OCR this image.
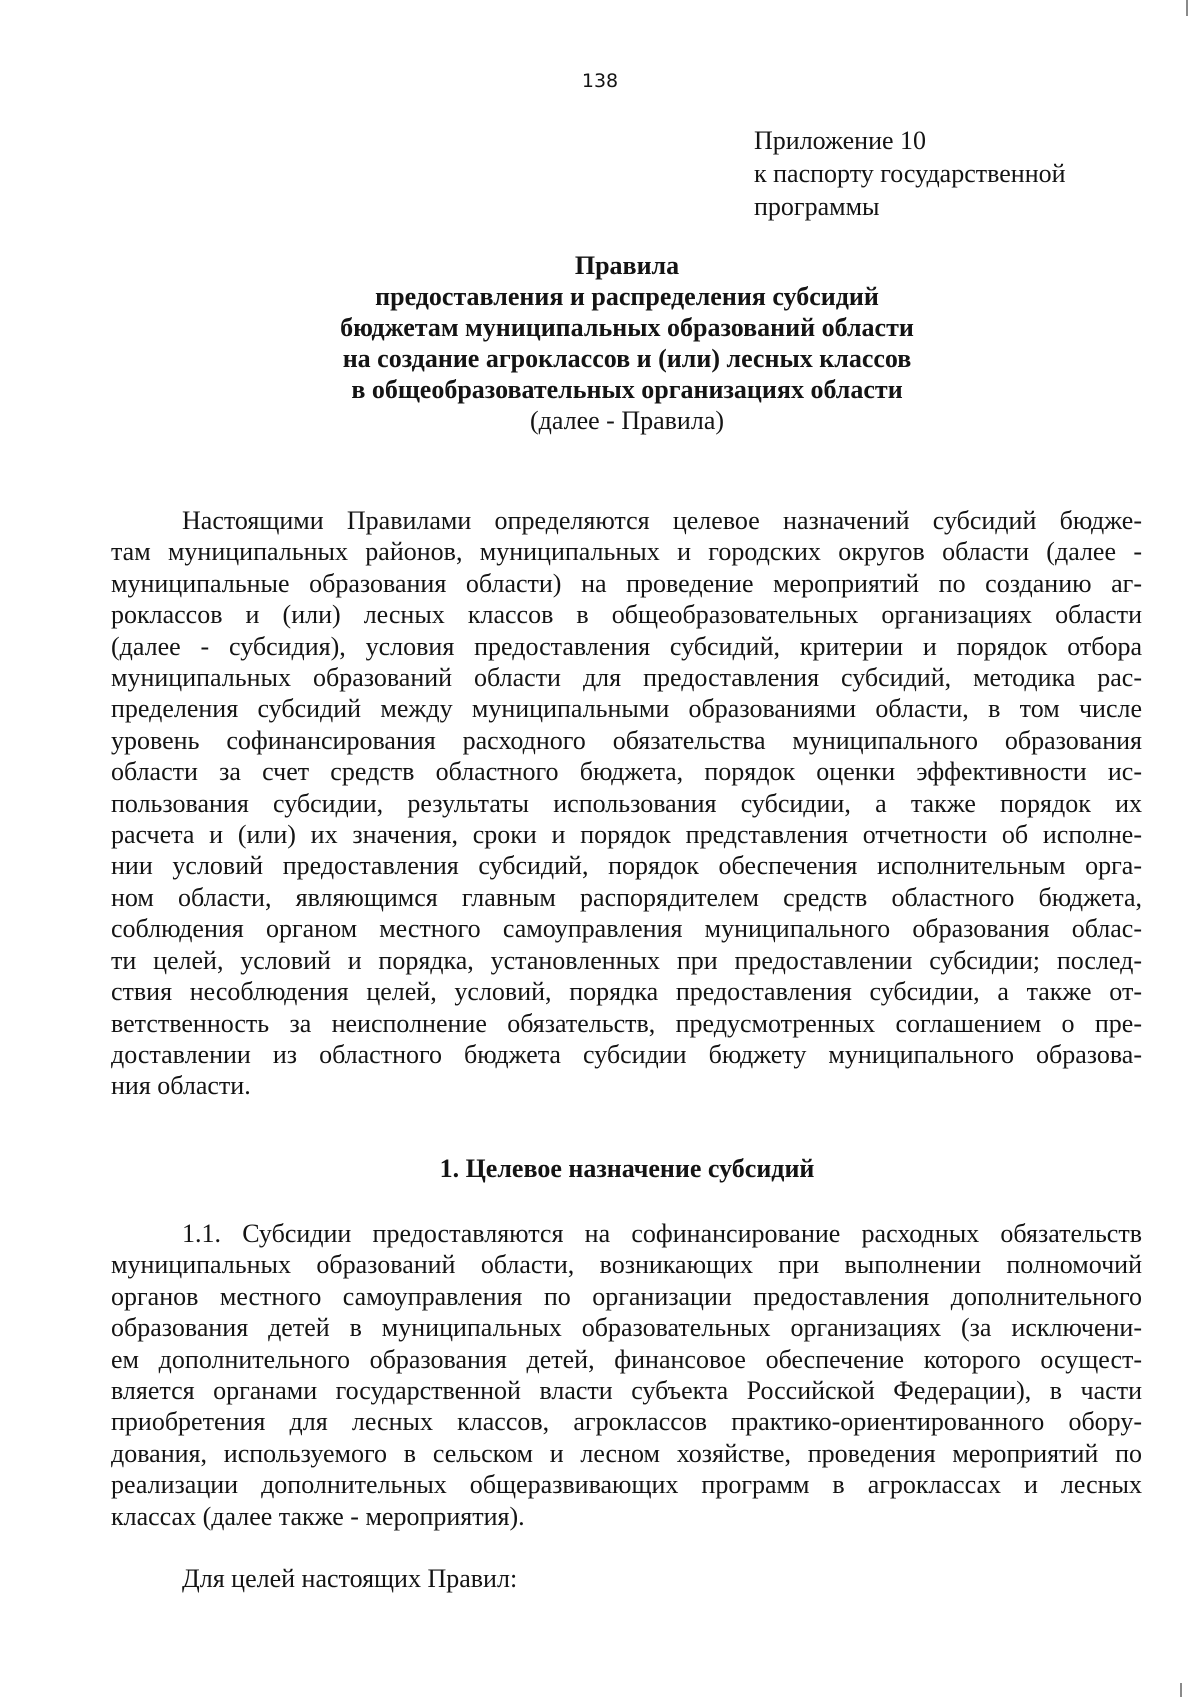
138
Приложение 10
к паспорту государственной
программы
Правила
предоставления и распределения субсидий
бюджетам муниципальных образований области
на создание агроклассов и (или) лесных классов
в общеобразовательных организациях области
(далее - Правила)
Настоящими Правилами определяются целевое назначений субсидий бюдже-
там муниципальных районов, муниципальных и городских округов области (далее -
муниципальные образования области) на проведение мероприятий по созданию аг-
роклассов и (или) лесных классов в общеобразовательных организациях области
(далее - субсидия), условия предоставления субсидий, критерии и порядок отбора
муниципальных образований области для предоставления субсидий, методика рас-
пределения субсидий между муниципальными образованиями области, в том числе
уровень софинансирования расходного обязательства муниципального образования
области за счет средств областного бюджета, порядок оценки эффективности ис-
пользования субсидии, результаты использования субсидии, а также порядок их
расчета и (или) их значения, сроки и порядок представления отчетности об исполне-
нии условий предоставления субсидий, порядок обеспечения исполнительным орга-
ном области, являющимся главным распорядителем средств областного бюджета,
соблюдения органом местного самоуправления муниципального образования облас-
ти целей, условий и порядка, установленных при предоставлении субсидии; послед-
ствия несоблюдения целей, условий, порядка предоставления субсидии, а также от-
ветственность за неисполнение обязательств, предусмотренных соглашением о пре-
доставлении из областного бюджета субсидии бюджету муниципального образова-
ния области.
1. Целевое назначение субсидий
1.1. Субсидии предоставляются на софинансирование расходных обязательств
муниципальных образований области, возникающих при выполнении полномочий
органов местного самоуправления по организации предоставления дополнительного
образования детей в муниципальных образовательных организациях (за исключени-
ем дополнительного образования детей, финансовое обеспечение которого осущест-
вляется органами государственной власти субъекта Российской Федерации), в части
приобретения для лесных классов, агроклассов практико-ориентированного обору-
дования, используемого в сельском и лесном хозяйстве, проведения мероприятий по
реализации дополнительных общеразвивающих программ в агроклассах и лесных
классах (далее также - мероприятия).
Для целей настоящих Правил:
